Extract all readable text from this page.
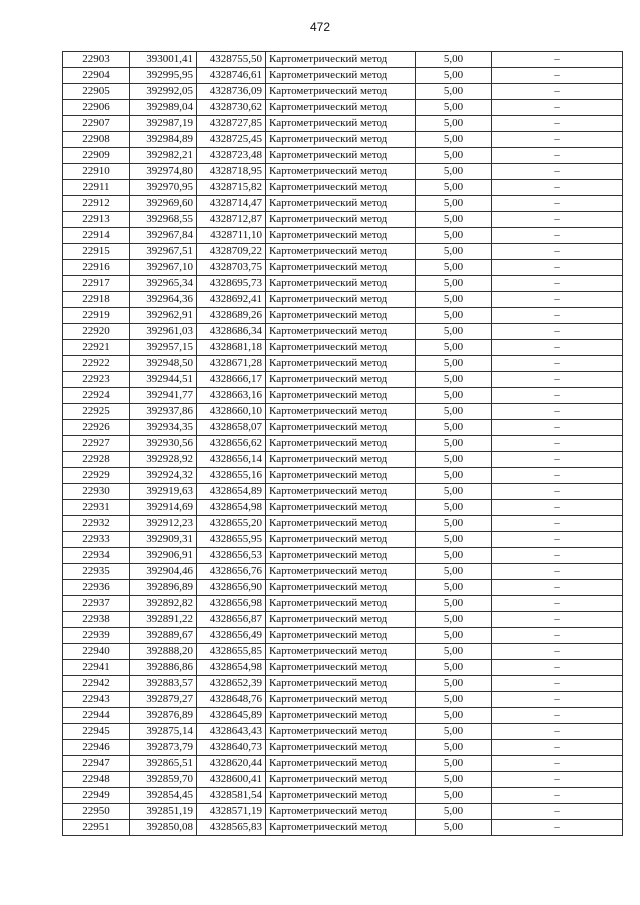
472
22903	393001,41	4328755,50	Картометрический метод	5,00	–
22904	392995,95	4328746,61	Картометрический метод	5,00	–
22905	392992,05	4328736,09	Картометрический метод	5,00	–
22906	392989,04	4328730,62	Картометрический метод	5,00	–
22907	392987,19	4328727,85	Картометрический метод	5,00	–
22908	392984,89	4328725,45	Картометрический метод	5,00	–
22909	392982,21	4328723,48	Картометрический метод	5,00	–
22910	392974,80	4328718,95	Картометрический метод	5,00	–
22911	392970,95	4328715,82	Картометрический метод	5,00	–
22912	392969,60	4328714,47	Картометрический метод	5,00	–
22913	392968,55	4328712,87	Картометрический метод	5,00	–
22914	392967,84	4328711,10	Картометрический метод	5,00	–
22915	392967,51	4328709,22	Картометрический метод	5,00	–
22916	392967,10	4328703,75	Картометрический метод	5,00	–
22917	392965,34	4328695,73	Картометрический метод	5,00	–
22918	392964,36	4328692,41	Картометрический метод	5,00	–
22919	392962,91	4328689,26	Картометрический метод	5,00	–
22920	392961,03	4328686,34	Картометрический метод	5,00	–
22921	392957,15	4328681,18	Картометрический метод	5,00	–
22922	392948,50	4328671,28	Картометрический метод	5,00	–
22923	392944,51	4328666,17	Картометрический метод	5,00	–
22924	392941,77	4328663,16	Картометрический метод	5,00	–
22925	392937,86	4328660,10	Картометрический метод	5,00	–
22926	392934,35	4328658,07	Картометрический метод	5,00	–
22927	392930,56	4328656,62	Картометрический метод	5,00	–
22928	392928,92	4328656,14	Картометрический метод	5,00	–
22929	392924,32	4328655,16	Картометрический метод	5,00	–
22930	392919,63	4328654,89	Картометрический метод	5,00	–
22931	392914,69	4328654,98	Картометрический метод	5,00	–
22932	392912,23	4328655,20	Картометрический метод	5,00	–
22933	392909,31	4328655,95	Картометрический метод	5,00	–
22934	392906,91	4328656,53	Картометрический метод	5,00	–
22935	392904,46	4328656,76	Картометрический метод	5,00	–
22936	392896,89	4328656,90	Картометрический метод	5,00	–
22937	392892,82	4328656,98	Картометрический метод	5,00	–
22938	392891,22	4328656,87	Картометрический метод	5,00	–
22939	392889,67	4328656,49	Картометрический метод	5,00	–
22940	392888,20	4328655,85	Картометрический метод	5,00	–
22941	392886,86	4328654,98	Картометрический метод	5,00	–
22942	392883,57	4328652,39	Картометрический метод	5,00	–
22943	392879,27	4328648,76	Картометрический метод	5,00	–
22944	392876,89	4328645,89	Картометрический метод	5,00	–
22945	392875,14	4328643,43	Картометрический метод	5,00	–
22946	392873,79	4328640,73	Картометрический метод	5,00	–
22947	392865,51	4328620,44	Картометрический метод	5,00	–
22948	392859,70	4328600,41	Картометрический метод	5,00	–
22949	392854,45	4328581,54	Картометрический метод	5,00	–
22950	392851,19	4328571,19	Картометрический метод	5,00	–
22951	392850,08	4328565,83	Картометрический метод	5,00	–
